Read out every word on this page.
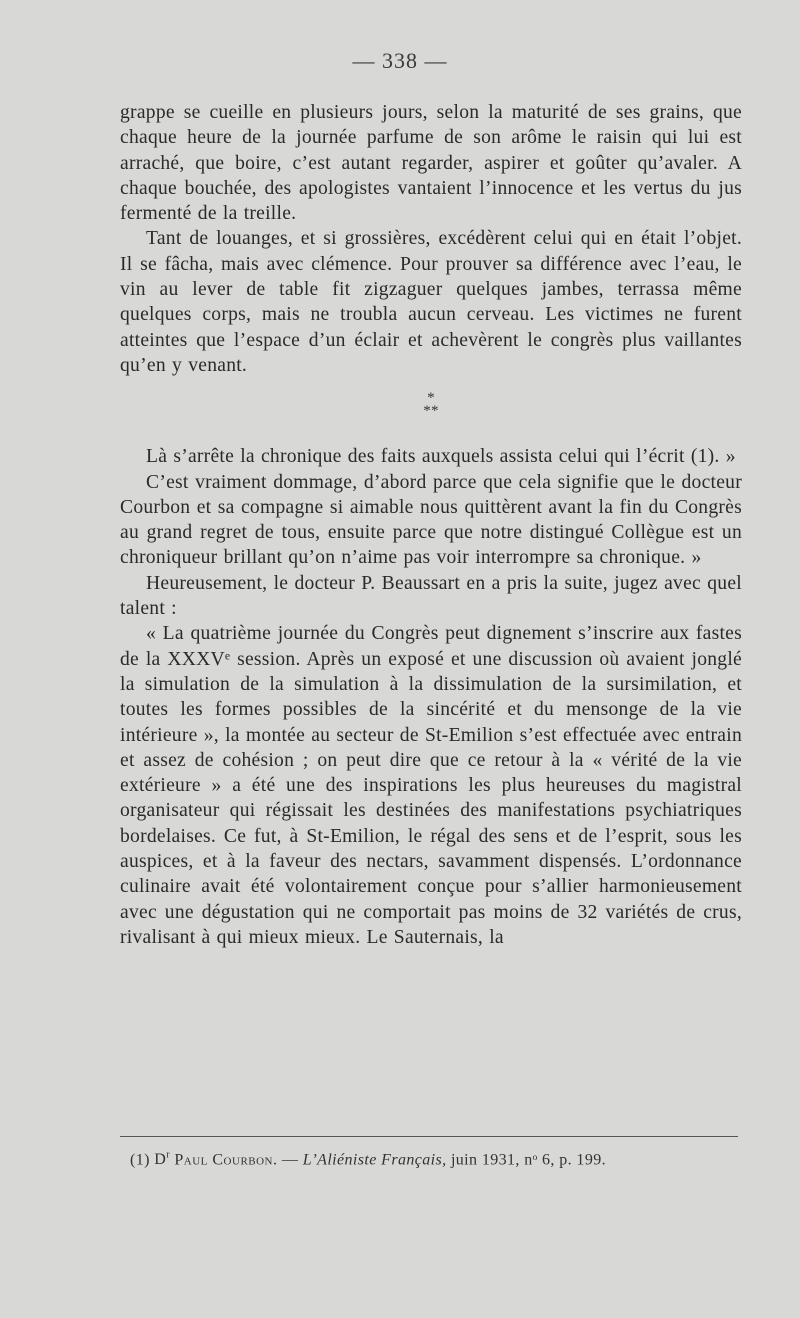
— 338 —

grappe se cueille en plusieurs jours, selon la maturité de ses grains, que chaque heure de la journée parfume de son arôme le raisin qui lui est arraché, que boire, c’est autant regarder, aspirer et goûter qu’avaler. A chaque bouchée, des apologistes vantaient l’innocence et les vertus du jus fermenté de la treille.

Tant de louanges, et si grossières, excédèrent celui qui en était l’objet. Il se fâcha, mais avec clémence. Pour prouver sa différence avec l’eau, le vin au lever de table fit zigzaguer quelques jambes, terrassa même quelques corps, mais ne troubla aucun cerveau. Les victimes ne furent atteintes que l’espace d’un éclair et achevèrent le congrès plus vaillantes qu’en y venant.

*
**

Là s’arrête la chronique des faits auxquels assista celui qui l’écrit (1). »

C’est vraiment dommage, d’abord parce que cela signifie que le docteur Courbon et sa compagne si aimable nous quittèrent avant la fin du Congrès au grand regret de tous, ensuite parce que notre distingué Collègue est un chroniqueur brillant qu’on n’aime pas voir interrompre sa chronique. »

Heureusement, le docteur P. Beaussart en a pris la suite, jugez avec quel talent :

« La quatrième journée du Congrès peut dignement s’inscrire aux fastes de la XXXVᵉ session. Après un exposé et une discussion où avaient jonglé la simulation de la simulation à la dissimulation de la sursimilation, et toutes les formes possibles de la sincérité et du mensonge de la vie intérieure », la montée au secteur de St-Emilion s’est effectuée avec entrain et assez de cohésion ; on peut dire que ce retour à la « vérité de la vie extérieure » a été une des inspirations les plus heureuses du magistral organisateur qui régissait les destinées des manifestations psychiatriques bordelaises. Ce fut, à St-Emilion, le régal des sens et de l’esprit, sous les auspices, et à la faveur des nectars, savamment dispensés. L’ordonnance culinaire avait été volontairement conçue pour s’allier harmonieusement avec une dégustation qui ne comportait pas moins de 32 variétés de crus, rivalisant à qui mieux mieux. Le Sauternais, la

(1) $D^r$ Paul Courbon. — L’Aliéniste Français, juin 1931, nᵒ 6, p. 199.
